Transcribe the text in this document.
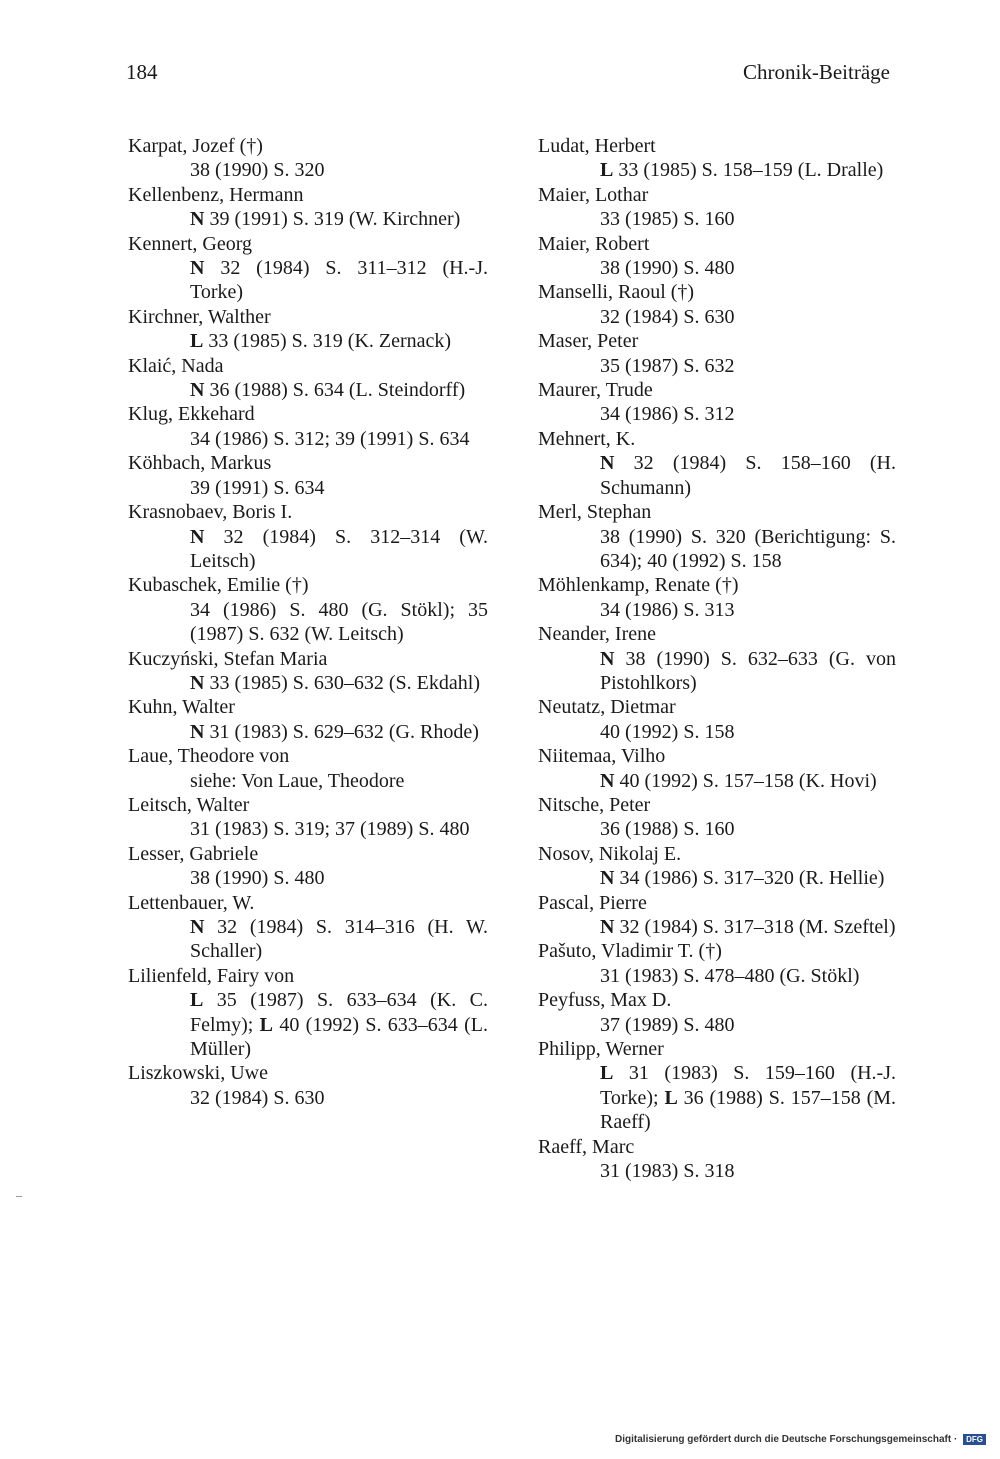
184	Chronik-Beiträge
Karpat, Jozef (†)
38 (1990) S. 320
Kellenbenz, Hermann
N 39 (1991) S. 319 (W. Kirchner)
Kennert, Georg
N 32 (1984) S. 311–312 (H.-J. Torke)
Kirchner, Walther
L 33 (1985) S. 319 (K. Zernack)
Klaić, Nada
N 36 (1988) S. 634 (L. Steindorff)
Klug, Ekkehard
34 (1986) S. 312; 39 (1991) S. 634
Köhbach, Markus
39 (1991) S. 634
Krasnobaev, Boris I.
N 32 (1984) S. 312–314 (W. Leitsch)
Kubaschek, Emilie (†)
34 (1986) S. 480 (G. Stökl); 35 (1987) S. 632 (W. Leitsch)
Kuczyński, Stefan Maria
N 33 (1985) S. 630–632 (S. Ekdahl)
Kuhn, Walter
N 31 (1983) S. 629–632 (G. Rhode)
Laue, Theodore von
siehe: Von Laue, Theodore
Leitsch, Walter
31 (1983) S. 319; 37 (1989) S. 480
Lesser, Gabriele
38 (1990) S. 480
Lettenbauer, W.
N 32 (1984) S. 314–316 (H. W. Schaller)
Lilienfeld, Fairy von
L 35 (1987) S. 633–634 (K. C. Felmy); L 40 (1992) S. 633–634 (L. Müller)
Liszkowski, Uwe
32 (1984) S. 630
Ludat, Herbert
L 33 (1985) S. 158–159 (L. Dralle)
Maier, Lothar
33 (1985) S. 160
Maier, Robert
38 (1990) S. 480
Manselli, Raoul (†)
32 (1984) S. 630
Maser, Peter
35 (1987) S. 632
Maurer, Trude
34 (1986) S. 312
Mehnert, K.
N 32 (1984) S. 158–160 (H. Schumann)
Merl, Stephan
38 (1990) S. 320 (Berichtigung: S. 634); 40 (1992) S. 158
Möhlenkamp, Renate (†)
34 (1986) S. 313
Neander, Irene
N 38 (1990) S. 632–633 (G. von Pistohlkors)
Neutatz, Dietmar
40 (1992) S. 158
Niitemaa, Vilho
N 40 (1992) S. 157–158 (K. Hovi)
Nitsche, Peter
36 (1988) S. 160
Nosov, Nikolaj E.
N 34 (1986) S. 317–320 (R. Hellie)
Pascal, Pierre
N 32 (1984) S. 317–318 (M. Szeftel)
Pašuto, Vladimir T. (†)
31 (1983) S. 478–480 (G. Stökl)
Peyfuss, Max D.
37 (1989) S. 480
Philipp, Werner
L 31 (1983) S. 159–160 (H.-J. Torke); L 36 (1988) S. 157–158 (M. Raeff)
Raeff, Marc
31 (1983) S. 318
Digitalisierung gefördert durch die Deutsche Forschungsgemeinschaft · DFG
